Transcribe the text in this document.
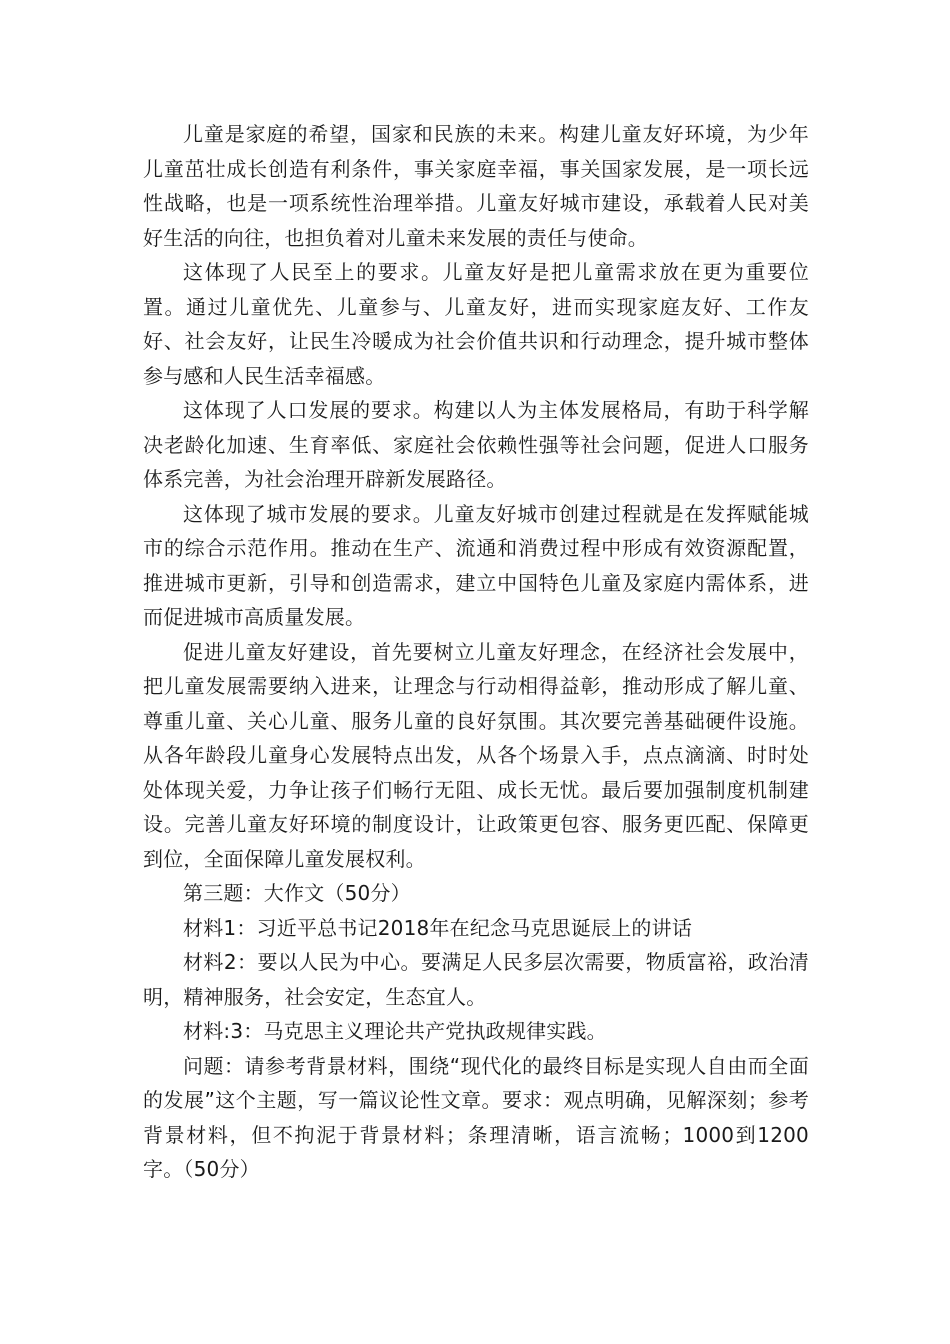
儿童是家庭的希望，国家和民族的未来。构建儿童友好环境，为少年儿童茁壮成长创造有利条件，事关家庭幸福，事关国家发展，是一项长远性战略，也是一项系统性治理举措。儿童友好城市建设，承载着人民对美好生活的向往，也担负着对儿童未来发展的责任与使命。

这体现了人民至上的要求。儿童友好是把儿童需求放在更为重要位置。通过儿童优先、儿童参与、儿童友好，进而实现家庭友好、工作友好、社会友好，让民生冷暖成为社会价值共识和行动理念，提升城市整体参与感和人民生活幸福感。

这体现了人口发展的要求。构建以人为主体发展格局，有助于科学解决老龄化加速、生育率低、家庭社会依赖性强等社会问题，促进人口服务体系完善，为社会治理开辟新发展路径。

这体现了城市发展的要求。儿童友好城市创建过程就是在发挥赋能城市的综合示范作用。推动在生产、流通和消费过程中形成有效资源配置，推进城市更新，引导和创造需求，建立中国特色儿童及家庭内需体系，进而促进城市高质量发展。

促进儿童友好建设，首先要树立儿童友好理念，在经济社会发展中，把儿童发展需要纳入进来，让理念与行动相得益彰，推动形成了解儿童、尊重儿童、关心儿童、服务儿童的良好氛围。其次要完善基础硬件设施。从各年龄段儿童身心发展特点出发，从各个场景入手，点点滴滴、时时处处体现关爱，力争让孩子们畅行无阻、成长无忧。最后要加强制度机制建设。完善儿童友好环境的制度设计，让政策更包容、服务更匹配、保障更到位，全面保障儿童发展权利。

第三题：大作文（50分）

材料1：习近平总书记2018年在纪念马克思诞辰上的讲话

材料2：要以人民为中心。要满足人民多层次需要，物质富裕，政治清明，精神服务，社会安定，生态宜人。

材料:3：马克思主义理论共产党执政规律实践。

问题：请参考背景材料，围绕“现代化的最终目标是实现人自由而全面的发展”这个主题，写一篇议论性文章。要求：观点明确，见解深刻；参考背景材料，但不拘泥于背景材料；条理清晰，语言流畅；1000到1200字。（50分）
